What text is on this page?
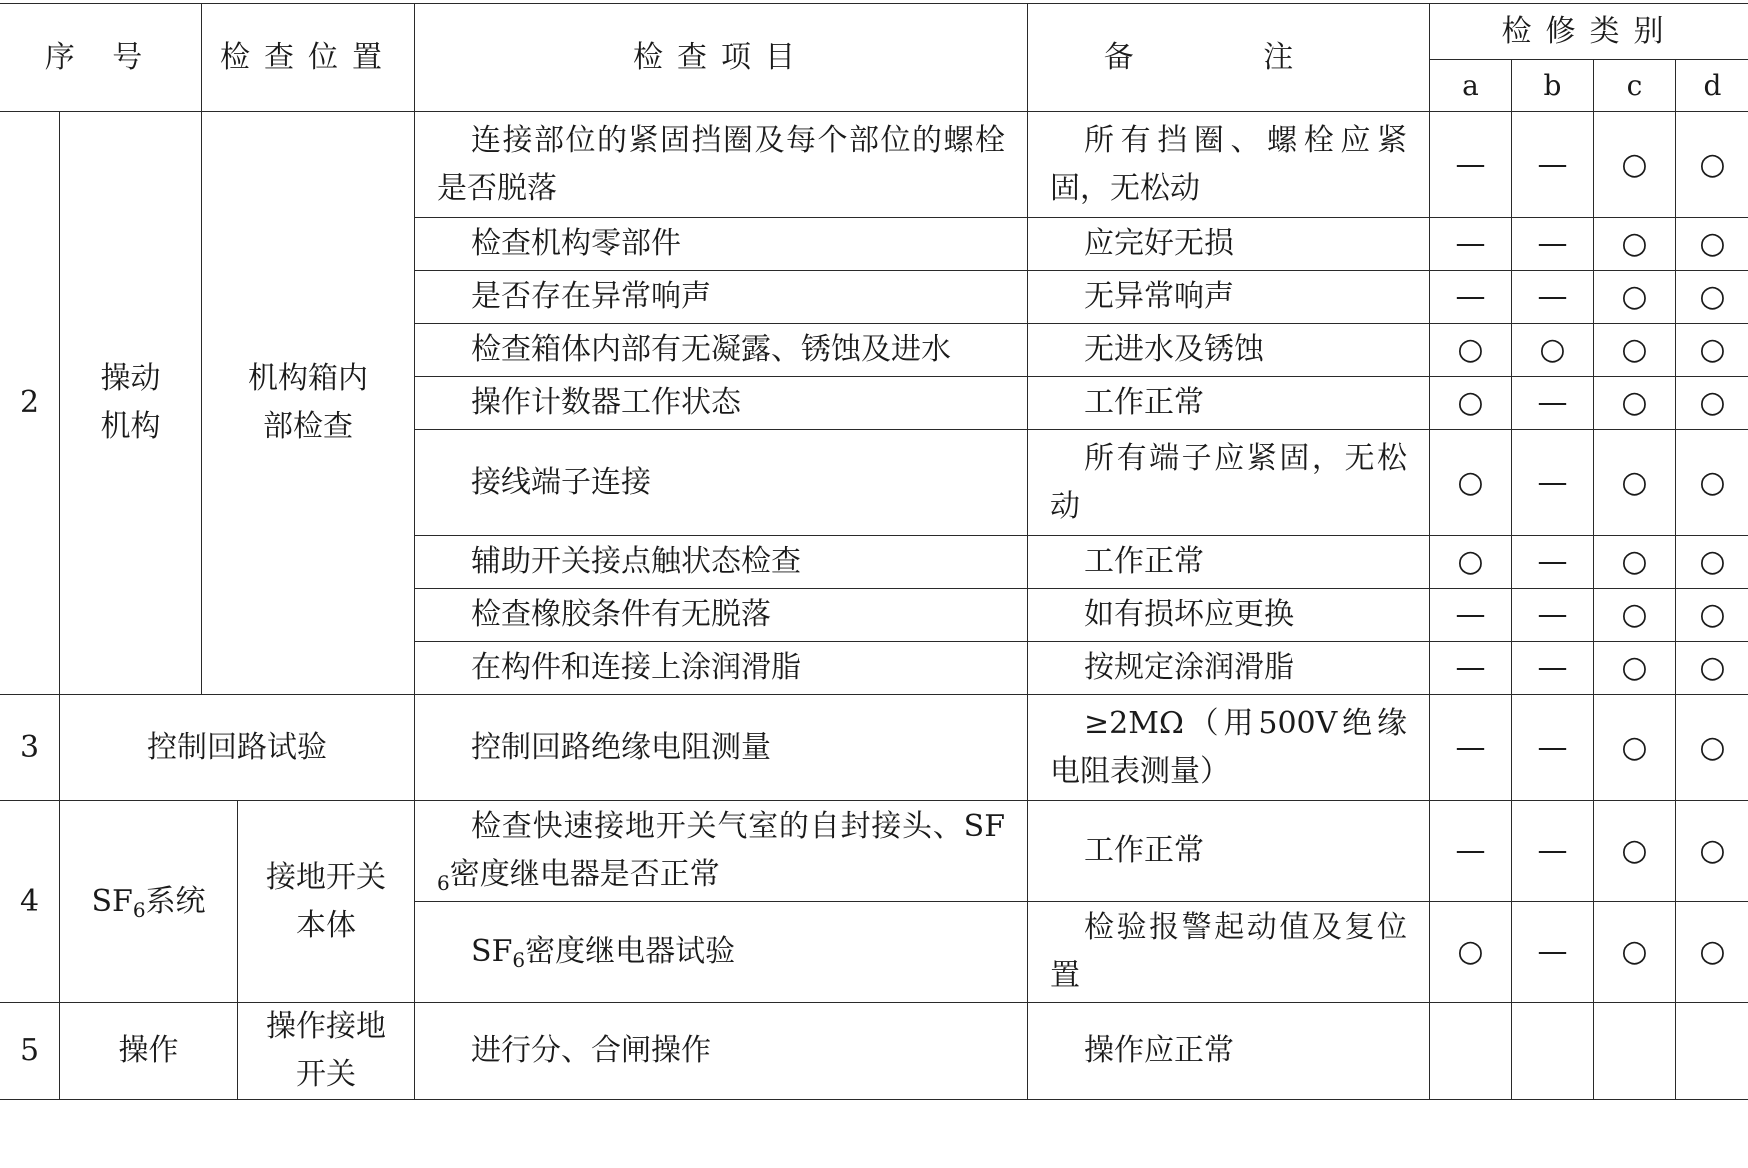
序 号		检查位置		检查项目	备 注	检修类别			
						a	b	c	d
2	操动机构	机构箱内部检查		连接部位的紧固挡圈及每个部位的螺栓是否脱落	所有挡圈、螺栓应紧固，无松动	—	—	○	○
				检查机构零部件	应完好无损	—	—	○	○
				是否存在异常响声	无异常响声	—	—	○	○
				检查箱体内部有无凝露、锈蚀及进水	无进水及锈蚀	○	○	○	○
				操作计数器工作状态	工作正常	○	—	○	○
				接线端子连接	所有端子应紧固，无松动	○	—	○	○
				辅助开关接点触状态检查	工作正常	○	—	○	○
				检查橡胶条件有无脱落	如有损坏应更换	—	—	○	○
				在构件和连接上涂润滑脂	按规定涂润滑脂	—	—	○	○
3	控制回路试验			控制回路绝缘电阻测量	≥2MΩ（用500V绝缘电阻表测量）	—	—	○	○
4	$SF_6$系统		接地开关本体	检查快速接地开关气室的自封接头、$SF_6$密度继电器是否正常	工作正常	—	—	○	○
				$SF_6$密度继电器试验	检验报警起动值及复位置	○	—	○	○
5	操作		操作接地开关	进行分、合闸操作	操作应正常				
